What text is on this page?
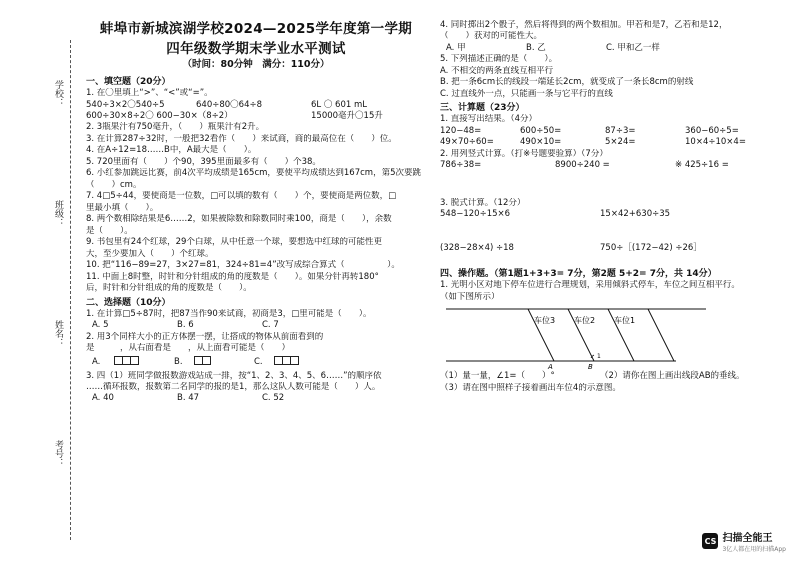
学校：
班级：
姓名：
考号：
蚌埠市新城滨湖学校2024—2025学年度第一学期
四年级数学期末学业水平测试
（时间：80分钟　满分：110分）
一、填空题（20分）
1. 在〇里填上“>”、“<”或“=”。
540÷3×2〇540÷5	640÷80〇64÷8	6L 〇 601 mL
600÷30×8÷2〇 600−30×（8÷2）	15000毫升〇15升
2. 3瓶果汁有750毫升，（　　）瓶果汁有2升。
3. 在计算287÷32时，一般把32看作（　　）来试商，商的最高位在（　　）位。
4. 在A÷12=18……B中，A最大是（　　）。
5. 720里面有（　　）个90，395里面最多有（　　）个38。
6. 小红参加跳远比赛，前4次平均成绩是165cm，要使平均成绩达到167cm，第5次要跳
（　　）cm。
7. 4□5÷44，要使商是一位数，□可以填的数有（　　）个，要使商是两位数，□
里最小填（　　）。
8. 两个数相除结果是6……2，如果被除数和除数同时乘100，商是（　　），余数
是（　　）。
9. 书包里有24个红球，29个白球，从中任意一个球，要想选中红球的可能性更
大，至少要加入（　　）个红球。
10. 把“116−89=27，3×27=81，324÷81=4”改写成综合算式（　　　　　）。
11. 中面上8时整，时针和分针组成的角的度数是（　　）。如果分针再转180°
后，时针和分针组成的角的度数是（　　）。
二、选择题（10分）
1. 在计算□5÷87时，把87当作90来试商，初商是3，□里可能是（　　）。
A. 5	B. 6	C. 7
2. 用3个同样大小的正方体摆一摆，让搭成的物体从前面看到的
是　　　，从右面看是　　，从上面看可能是（　　）
A.	B.	C.
3. 四（1）班同学做报数游戏站成一排，按“1、2、3、4、5、6……”的顺序依
……循环报数，报数第二名同学的报的是1，那么这队人数可能是（　　）人。
A. 40	B. 47	C. 52
4. 同时掷出2个骰子，然后将得到的两个数相加。甲若和是7，乙若和是12，
（　　）获对的可能性大。
A. 甲	B. 乙	C. 甲和乙一样
5. 下列描述正确的是（　　）。
A. 不相交的两条直线互相平行
B. 把一条6cm长的线段一端延长2cm，就变成了一条长8cm的射线
C. 过直线外一点，只能画一条与它平行的直线
三、计算题（23分）
1. 直接写出结果。（4分）
120−48=	600÷50=	87÷3=	360−60÷5=
49×70÷60=	490×10=	5×24=	10×4÷10×4=
2. 用列竖式计算。（打※号题要验算）（7分）
786÷38=	8900÷240 =	※ 425÷16 =
3. 脱式计算。（12分）
548−120÷15×6	15×42+630÷35
(328−28×4) ÷18	750÷［(172−42) ÷26］
四、操作题。（第1题1+3+3= 7分，第2题 5+2= 7分，共 14分）
1. 光明小区对地下停车位进行合理规划，采用倾斜式停车，车位之间互相平行。
（如下图所示）
车位3 车位2 车位1
A	B
1
（1）量一量，∠1=（　　）°	（2）请你在图上画出线段AB的垂线。
（3）请在图中照样子接着画出车位4的示意图。
CS 扫描全能王
3亿人都在用的扫描App
